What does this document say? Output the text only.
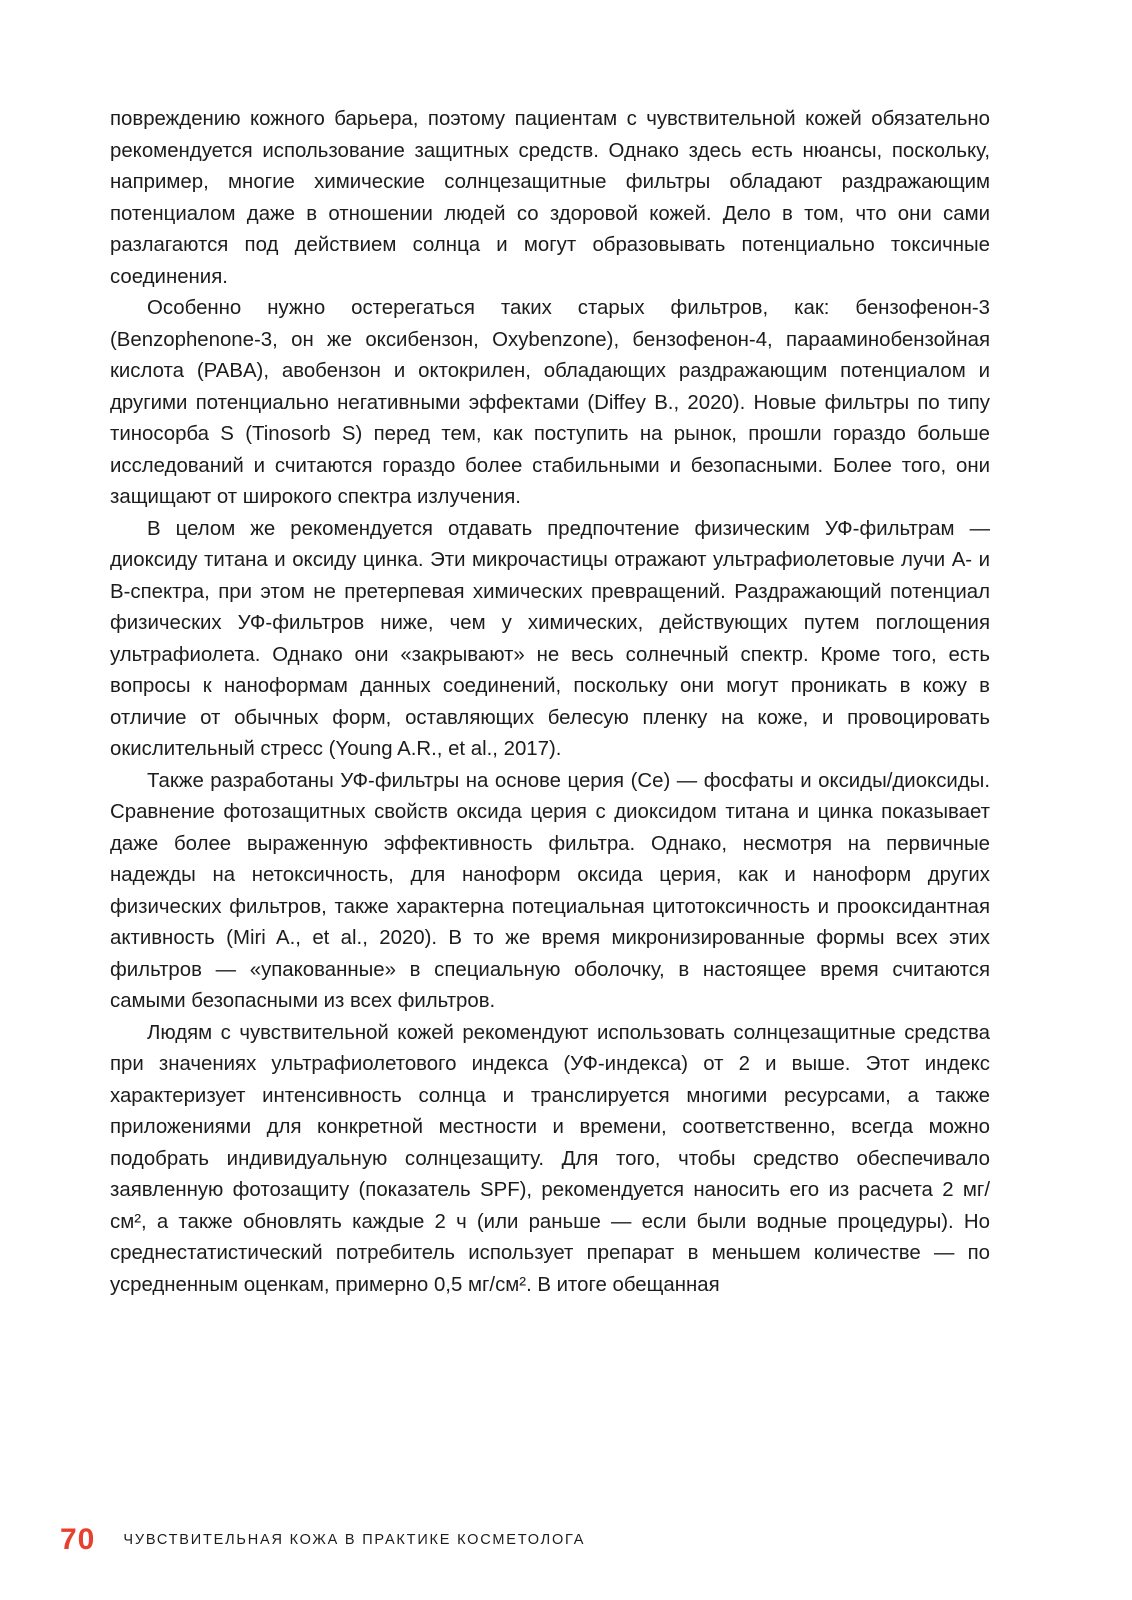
повреждению кожного барьера, поэтому пациентам с чувствительной кожей обязательно рекомендуется использование защитных средств. Однако здесь есть нюансы, поскольку, например, многие химические солнцезащитные фильтры обладают раздражающим потенциалом даже в отношении людей со здоровой кожей. Дело в том, что они сами разлагаются под действием солнца и могут образовывать потенциально токсичные соединения.

Особенно нужно остерегаться таких старых фильтров, как: бензофенон-3 (Benzophenone-3, он же оксибензон, Oxybenzone), бензофенон-4, парааминобензойная кислота (PABA), авобензон и октокрилен, обладающих раздражающим потенциалом и другими потенциально негативными эффектами (Diffey B., 2020). Новые фильтры по типу тиносорба S (Tinosorb S) перед тем, как поступить на рынок, прошли гораздо больше исследований и считаются гораздо более стабильными и безопасными. Более того, они защищают от широкого спектра излучения.

В целом же рекомендуется отдавать предпочтение физическим УФ-фильтрам — диоксиду титана и оксиду цинка. Эти микрочастицы отражают ультрафиолетовые лучи А- и В-спектра, при этом не претерпевая химических превращений. Раздражающий потенциал физических УФ-фильтров ниже, чем у химических, действующих путем поглощения ультрафиолета. Однако они «закрывают» не весь солнечный спектр. Кроме того, есть вопросы к наноформам данных соединений, поскольку они могут проникать в кожу в отличие от обычных форм, оставляющих белесую пленку на коже, и провоцировать окислительный стресс (Young A.R., et al., 2017).

Также разработаны УФ-фильтры на основе церия (Ce) — фосфаты и оксиды/диоксиды. Сравнение фотозащитных свойств оксида церия с диоксидом титана и цинка показывает даже более выраженную эффективность фильтра. Однако, несмотря на первичные надежды на нетоксичность, для наноформ оксида церия, как и наноформ других физических фильтров, также характерна потециальная цитотоксичность и прооксидантная активность (Miri A., et al., 2020). В то же время микронизированные формы всех этих фильтров — «упакованные» в специальную оболочку, в настоящее время считаются самыми безопасными из всех фильтров.

Людям с чувствительной кожей рекомендуют использовать солнцезащитные средства при значениях ультрафиолетового индекса (УФ-индекса) от 2 и выше. Этот индекс характеризует интенсивность солнца и транслируется многими ресурсами, а также приложениями для конкретной местности и времени, соответственно, всегда можно подобрать индивидуальную солнцезащиту. Для того, чтобы средство обеспечивало заявленную фотозащиту (показатель SPF), рекомендуется наносить его из расчета 2 мг/см², а также обновлять каждые 2 ч (или раньше — если были водные процедуры). Но среднестатистический потребитель использует препарат в меньшем количестве — по усредненным оценкам, примерно 0,5 мг/см². В итоге обещанная

70 ЧУВСТВИТЕЛЬНАЯ КОЖА В ПРАКТИКЕ КОСМЕТОЛОГА
